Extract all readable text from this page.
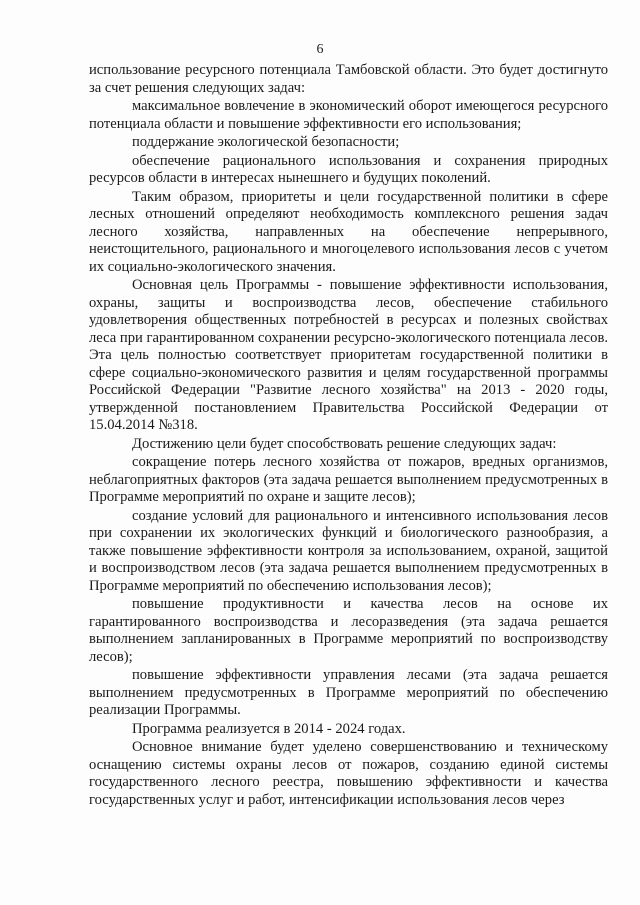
6

использование ресурсного потенциала Тамбовской области. Это будет достигнуто за счет решения следующих задач:

максимальное вовлечение в экономический оборот имеющегося ресурсного потенциала области и повышение эффективности его использования;

поддержание экологической безопасности;

обеспечение рационального использования и сохранения природных ресурсов области в интересах нынешнего и будущих поколений.

Таким образом, приоритеты и цели государственной политики в сфере лесных отношений определяют необходимость комплексного решения задач лесного хозяйства, направленных на обеспечение непрерывного, неистощительного, рационального и многоцелевого использования лесов с учетом их социально-экологического значения.

Основная цель Программы - повышение эффективности использования, охраны, защиты и воспроизводства лесов, обеспечение стабильного удовлетворения общественных потребностей в ресурсах и полезных свойствах леса при гарантированном сохранении ресурсно-экологического потенциала лесов. Эта цель полностью соответствует приоритетам государственной политики в сфере социально-экономического развития и целям государственной программы Российской Федерации "Развитие лесного хозяйства" на 2013 - 2020 годы, утвержденной постановлением Правительства Российской Федерации от 15.04.2014 №318.

Достижению цели будет способствовать решение следующих задач:

сокращение потерь лесного хозяйства от пожаров, вредных организмов, неблагоприятных факторов (эта задача решается выполнением предусмотренных в Программе мероприятий по охране и защите лесов);

создание условий для рационального и интенсивного использования лесов при сохранении их экологических функций и биологического разнообразия, а также повышение эффективности контроля за использованием, охраной, защитой и воспроизводством лесов (эта задача решается выполнением предусмотренных в Программе мероприятий по обеспечению использования лесов);

повышение продуктивности и качества лесов на основе их гарантированного воспроизводства и лесоразведения (эта задача решается выполнением запланированных в Программе мероприятий по воспроизводству лесов);

повышение эффективности управления лесами (эта задача решается выполнением предусмотренных в Программе мероприятий по обеспечению реализации Программы.

Программа реализуется в 2014 - 2024 годах.

Основное внимание будет уделено совершенствованию и техническому оснащению системы охраны лесов от пожаров, созданию единой системы государственного лесного реестра, повышению эффективности и качества государственных услуг и работ, интенсификации использования лесов через
